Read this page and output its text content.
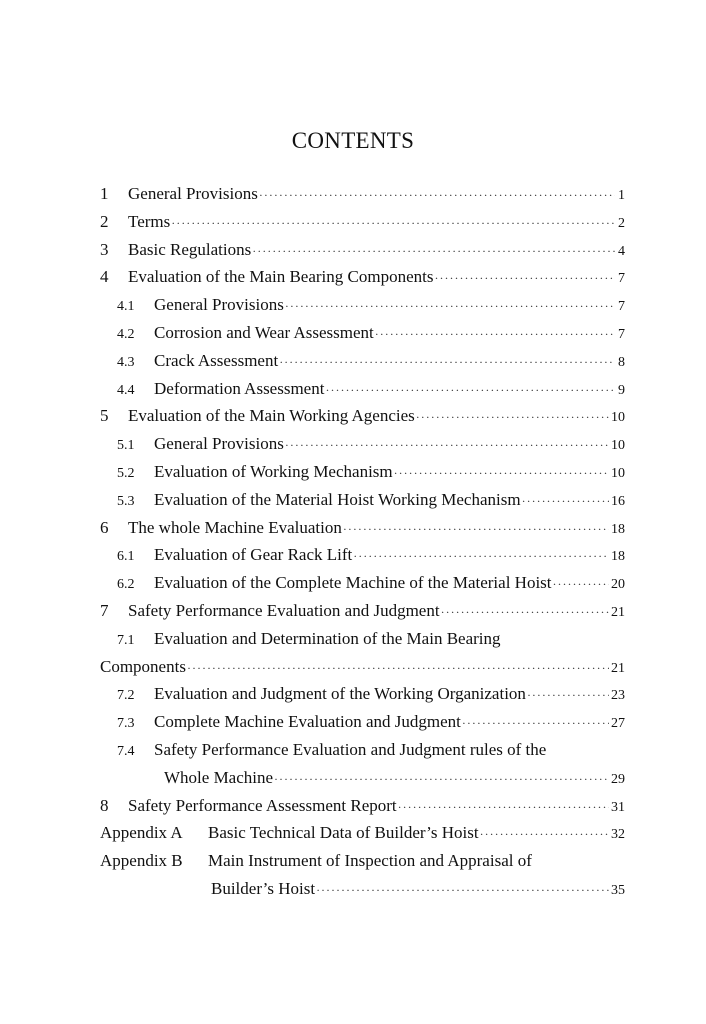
CONTENTS
1	General Provisions ·····	1
2	Terms ·····	2
3	Basic Regulations ·····	4
4	Evaluation of the Main Bearing Components ·····	7
4.1	General Provisions ·····	7
4.2	Corrosion and Wear Assessment ·····	7
4.3	Crack Assessment ·····	8
4.4	Deformation Assessment ·····	9
5	Evaluation of the Main Working Agencies ·····	10
5.1	General Provisions ·····	10
5.2	Evaluation of Working Mechanism ·····	10
5.3	Evaluation of the Material Hoist Working Mechanism ·····	16
6	The whole Machine Evaluation ·····	18
6.1	Evaluation of Gear Rack Lift ·····	18
6.2	Evaluation of the Complete Machine of the Material Hoist ·····	20
7	Safety Performance Evaluation and Judgment ·····	21
7.1	Evaluation and Determination of the Main Bearing
Components ·····	21
7.2	Evaluation and Judgment of the Working Organization ·····	23
7.3	Complete Machine Evaluation and Judgment ·····	27
7.4	Safety Performance Evaluation and Judgment rules of the
Whole Machine ·····	29
8	Safety Performance Assessment Report ·····	31
Appendix A	Basic Technical Data of Builder’s Hoist ·····	32
Appendix B	Main Instrument of Inspection and Appraisal of
Builder’s Hoist ·····	35
